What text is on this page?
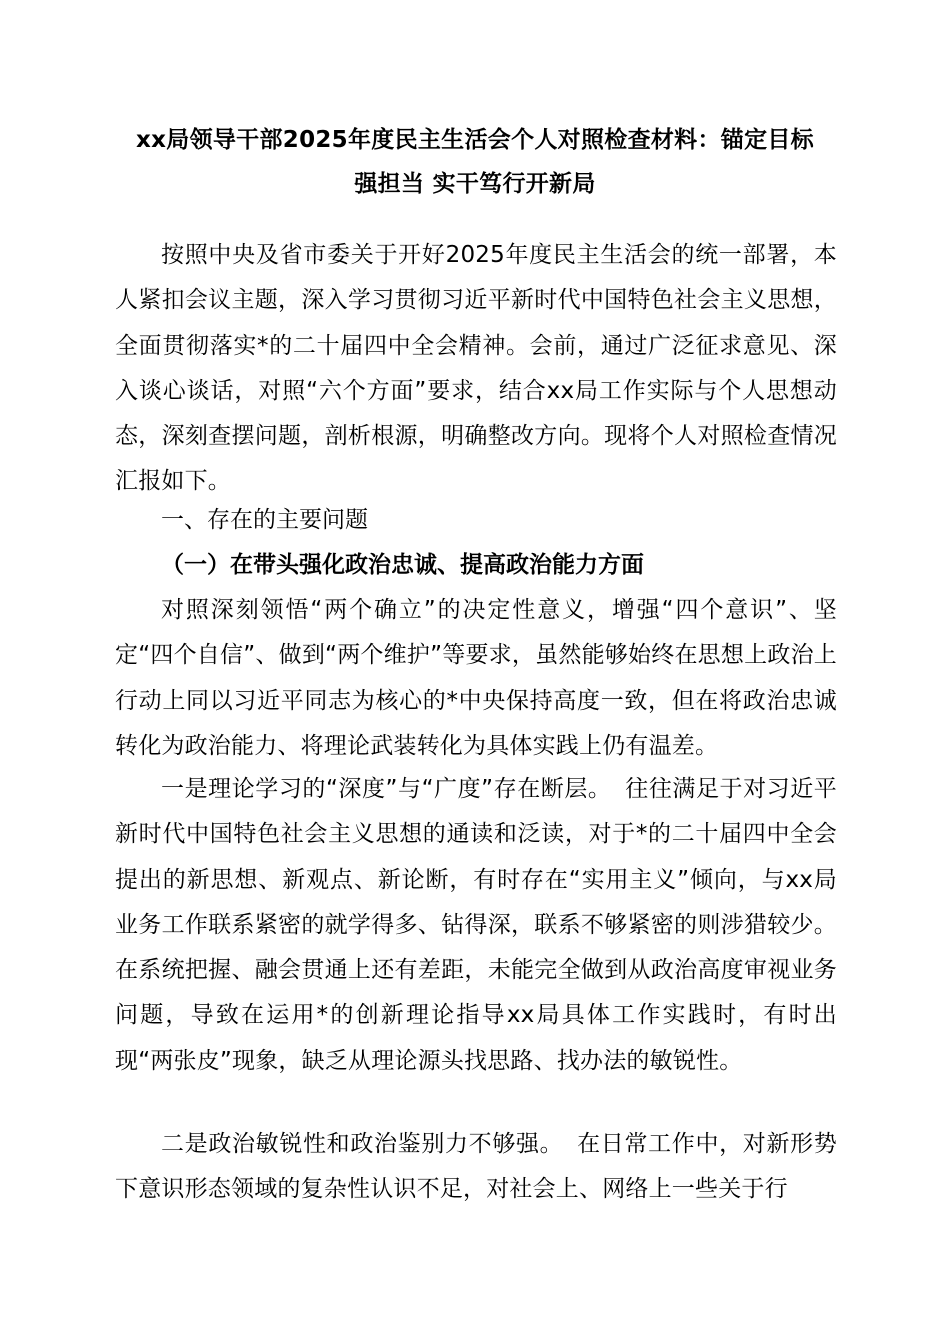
xx局领导干部2025年度民主生活会个人对照检查材料：锚定目标
强担当 实干笃行开新局

按照中央及省市委关于开好2025年度民主生活会的统一部署，本人紧扣会议主题，深入学习贯彻习近平新时代中国特色社会主义思想，全面贯彻落实*的二十届四中全会精神。会前，通过广泛征求意见、深入谈心谈话，对照“六个方面”要求，结合xx局工作实际与个人思想动态，深刻查摆问题，剖析根源，明确整改方向。现将个人对照检查情况汇报如下。

一、存在的主要问题
（一）在带头强化政治忠诚、提高政治能力方面

对照深刻领悟“两个确立”的决定性意义，增强“四个意识”、坚定“四个自信”、做到“两个维护”等要求，虽然能够始终在思想上政治上行动上同以习近平同志为核心的*中央保持高度一致，但在将政治忠诚转化为政治能力、将理论武装转化为具体实践上仍有温差。

一是理论学习的“深度”与“广度”存在断层。 往往满足于对习近平新时代中国特色社会主义思想的通读和泛读，对于*的二十届四中全会提出的新思想、新观点、新论断，有时存在“实用主义”倾向，与xx局业务工作联系紧密的就学得多、钻得深，联系不够紧密的则涉猎较少。在系统把握、融会贯通上还有差距，未能完全做到从政治高度审视业务问题，导致在运用*的创新理论指导xx局具体工作实践时，有时出现“两张皮”现象，缺乏从理论源头找思路、找办法的敏锐性。

二是政治敏锐性和政治鉴别力不够强。 在日常工作中，对新形势下意识形态领域的复杂性认识不足，对社会上、网络上一些关于行
